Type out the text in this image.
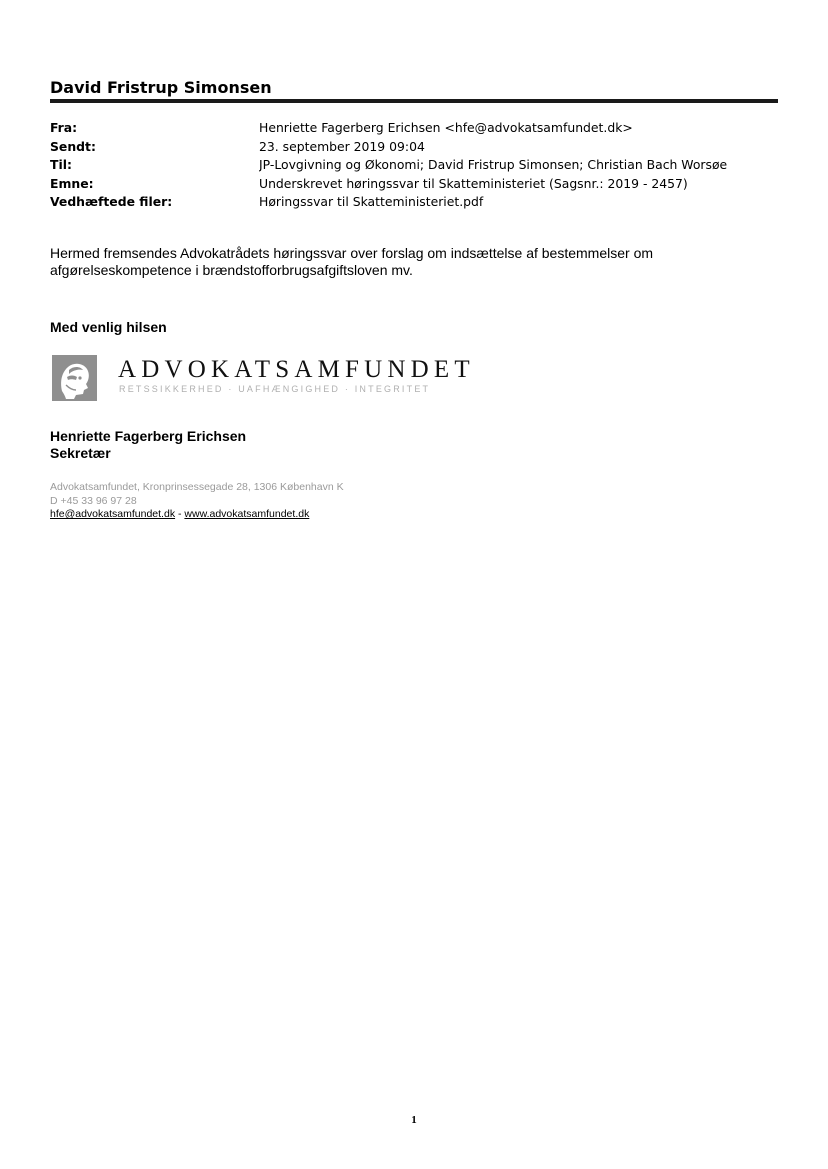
David Fristrup Simonsen
Fra:	Henriette Fagerberg Erichsen <hfe@advokatsamfundet.dk>
Sendt:	23. september 2019 09:04
Til:	JP-Lovgivning og Økonomi; David Fristrup Simonsen; Christian Bach Worsøe
Emne:	Underskrevet høringssvar til Skatteministeriet (Sagsnr.: 2019 - 2457)
Vedhæftede filer:	Høringssvar til Skatteministeriet.pdf

Hermed fremsendes Advokatrådets høringssvar over forslag om indsættelse af bestemmelser om afgørelseskompetence i brændstofforbrugsafgiftsloven mv.

Med venlig hilsen

ADVOKATSAMFUNDET
RETSSIKKERHED · UAFHÆNGIGHED · INTEGRITET
Henriette Fagerberg Erichsen
Sekretær
Advokatsamfundet, Kronprinsessegade 28, 1306 København K
D +45 33 96 97 28
hfe@advokatsamfundet.dk - www.advokatsamfundet.dk
1
